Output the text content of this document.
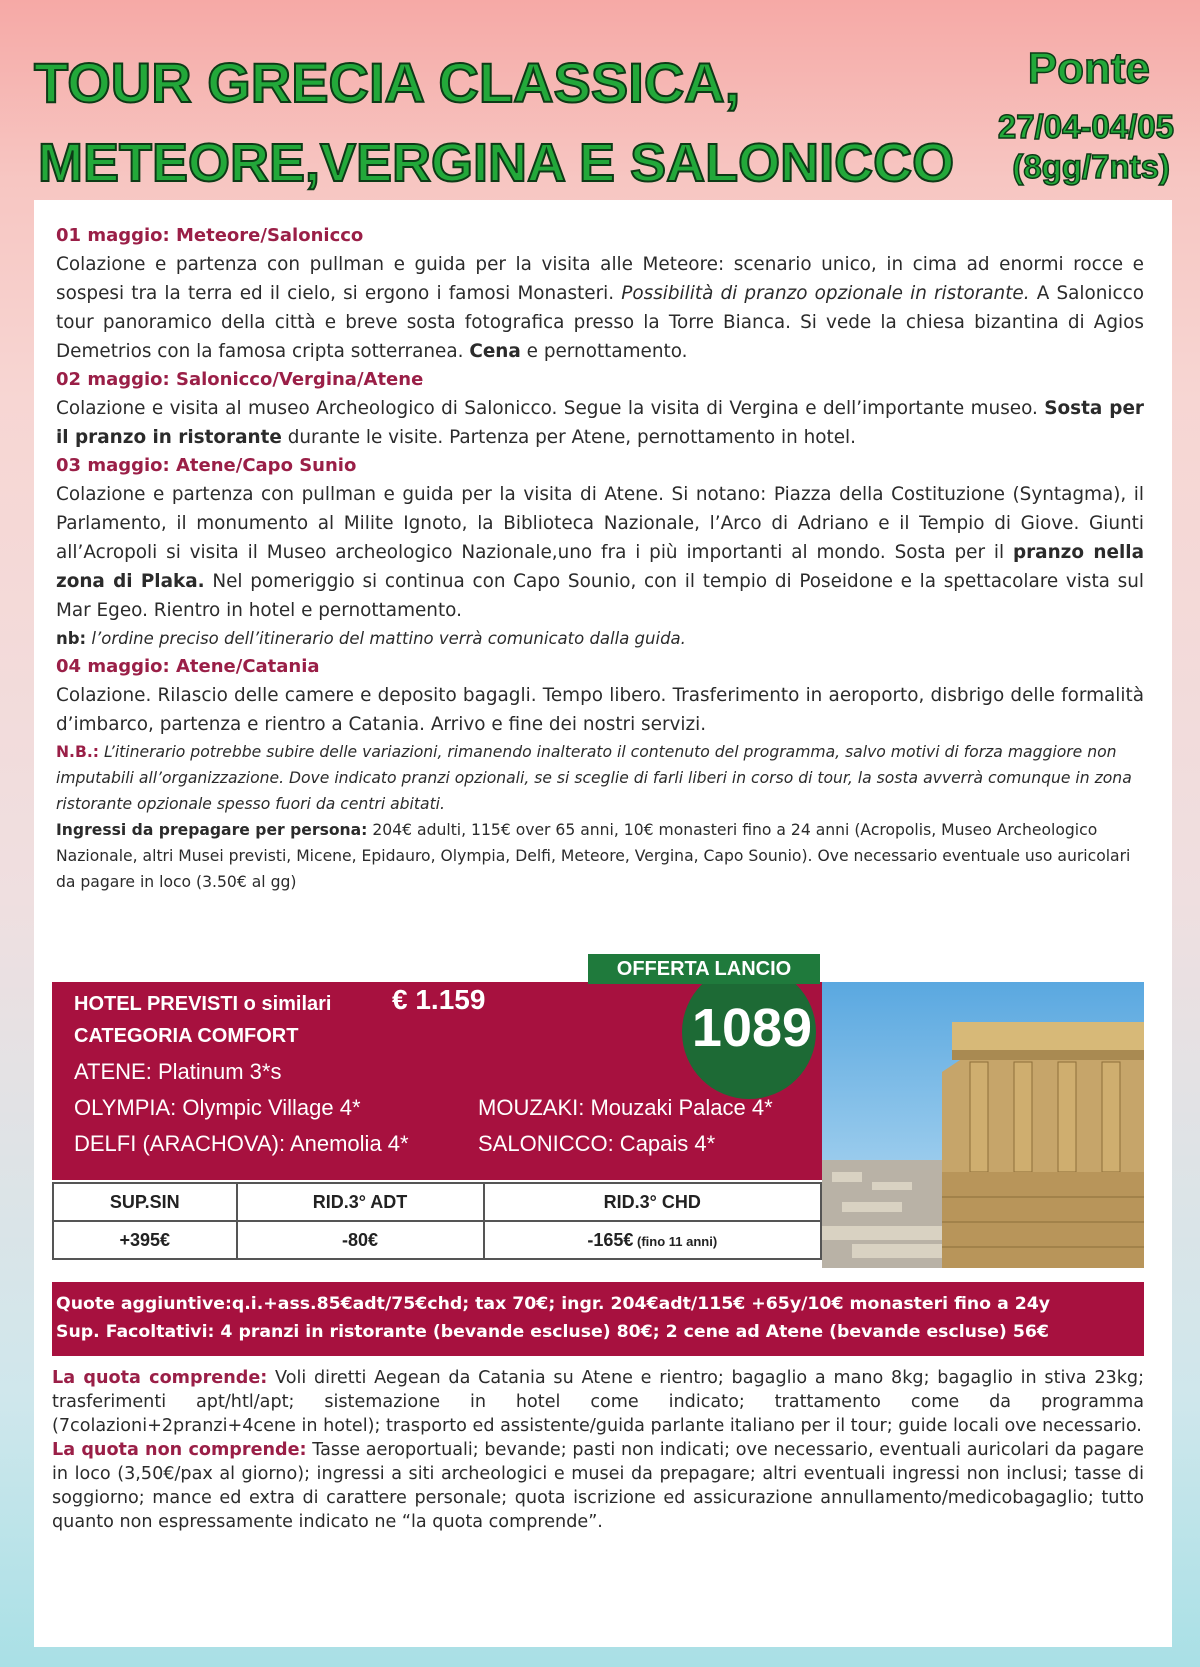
TOUR GRECIA CLASSICA,
METEORE,VERGINA E SALONICCO
Ponte
27/04-04/05
(8gg/7nts)
01 maggio: Meteore/Salonicco

Colazione e partenza con pullman e guida per la visita alle Meteore: scenario unico, in cima ad enormi rocce e sospesi tra la terra ed il cielo, si ergono i famosi Monasteri. Possibilità di pranzo opzionale in ristorante. A Salonicco tour panoramico della città e breve sosta fotografica presso la Torre Bianca. Si vede la chiesa bizantina di Agios Demetrios con la famosa cripta sotterranea. Cena e pernottamento.

02 maggio: Salonicco/Vergina/Atene

Colazione e visita al museo Archeologico di Salonicco. Segue la visita di Vergina e dell’importante museo. Sosta per il pranzo in ristorante durante le visite. Partenza per Atene, pernottamento in hotel.

03 maggio: Atene/Capo Sunio

Colazione e partenza con pullman e guida per la visita di Atene. Si notano: Piazza della Costituzione (Syntagma), il Parlamento, il monumento al Milite Ignoto, la Biblioteca Nazionale, l’Arco di Adriano e il Tempio di Giove. Giunti all’Acropoli si visita il Museo archeologico Nazionale,uno fra i più importanti al mondo. Sosta per il pranzo nella zona di Plaka. Nel pomeriggio si continua con Capo Sounio, con il tempio di Poseidone e la spettacolare vista sul Mar Egeo. Rientro in hotel e pernottamento.

nb: l’ordine preciso dell’itinerario del mattino verrà comunicato dalla guida.

04 maggio: Atene/Catania

Colazione. Rilascio delle camere e deposito bagagli. Tempo libero. Trasferimento in aeroporto, disbrigo delle formalità d’imbarco, partenza e rientro a Catania. Arrivo e fine dei nostri servizi.

N.B.: L’itinerario potrebbe subire delle variazioni, rimanendo inalterato il contenuto del programma, salvo motivi di forza maggiore non imputabili all’organizzazione. Dove indicato pranzi opzionali, se si sceglie di farli liberi in corso di tour, la sosta avverrà comunque in zona ristorante opzionale spesso fuori da centri abitati.

Ingressi da prepagare per persona: 204€ adulti, 115€ over 65 anni, 10€ monasteri fino a 24 anni (Acropolis, Museo Archeologico Nazionale, altri Musei previsti, Micene, Epidauro, Olympia, Delfi, Meteore, Vergina, Capo Sounio). Ove necessario eventuale uso auricolari da pagare in loco (3.50€ al gg)

HOTEL PREVISTI o similari € 1.159
CATEGORIA COMFORT
ATENE: Platinum 3*s
OLYMPIA: Olympic Village 4*	MOUZAKI: Mouzaki Palace 4*
DELFI (ARACHOVA): Anemolia 4*	SALONICCO: Capais 4*
OFFERTA LANCIO
1089
SUP.SIN	RID.3° ADT	RID.3° CHD
+395€	-80€	-165€ (fino 11 anni)
Quote aggiuntive:q.i.+ass.85€adt/75€chd; tax 70€; ingr. 204€adt/115€ +65y/10€ monasteri fino a 24y
Sup. Facoltativi: 4 pranzi in ristorante (bevande escluse) 80€; 2 cene ad Atene (bevande escluse) 56€

La quota comprende: Voli diretti Aegean da Catania su Atene e rientro; bagaglio a mano 8kg; bagaglio in stiva 23kg; trasferimenti apt/htl/apt; sistemazione in hotel come indicato; trattamento come da programma (7colazioni+2pranzi+4cene in hotel); trasporto ed assistente/guida parlante italiano per il tour; guide locali ove necessario.

La quota non comprende: Tasse aeroportuali; bevande; pasti non indicati; ove necessario, eventuali auricolari da pagare in loco (3,50€/pax al giorno); ingressi a siti archeologici e musei da prepagare; altri eventuali ingressi non inclusi; tasse di soggiorno; mance ed extra di carattere personale; quota iscrizione ed assicurazione annullamento/medicobagaglio; tutto quanto non espressamente indicato ne “la quota comprende”.
